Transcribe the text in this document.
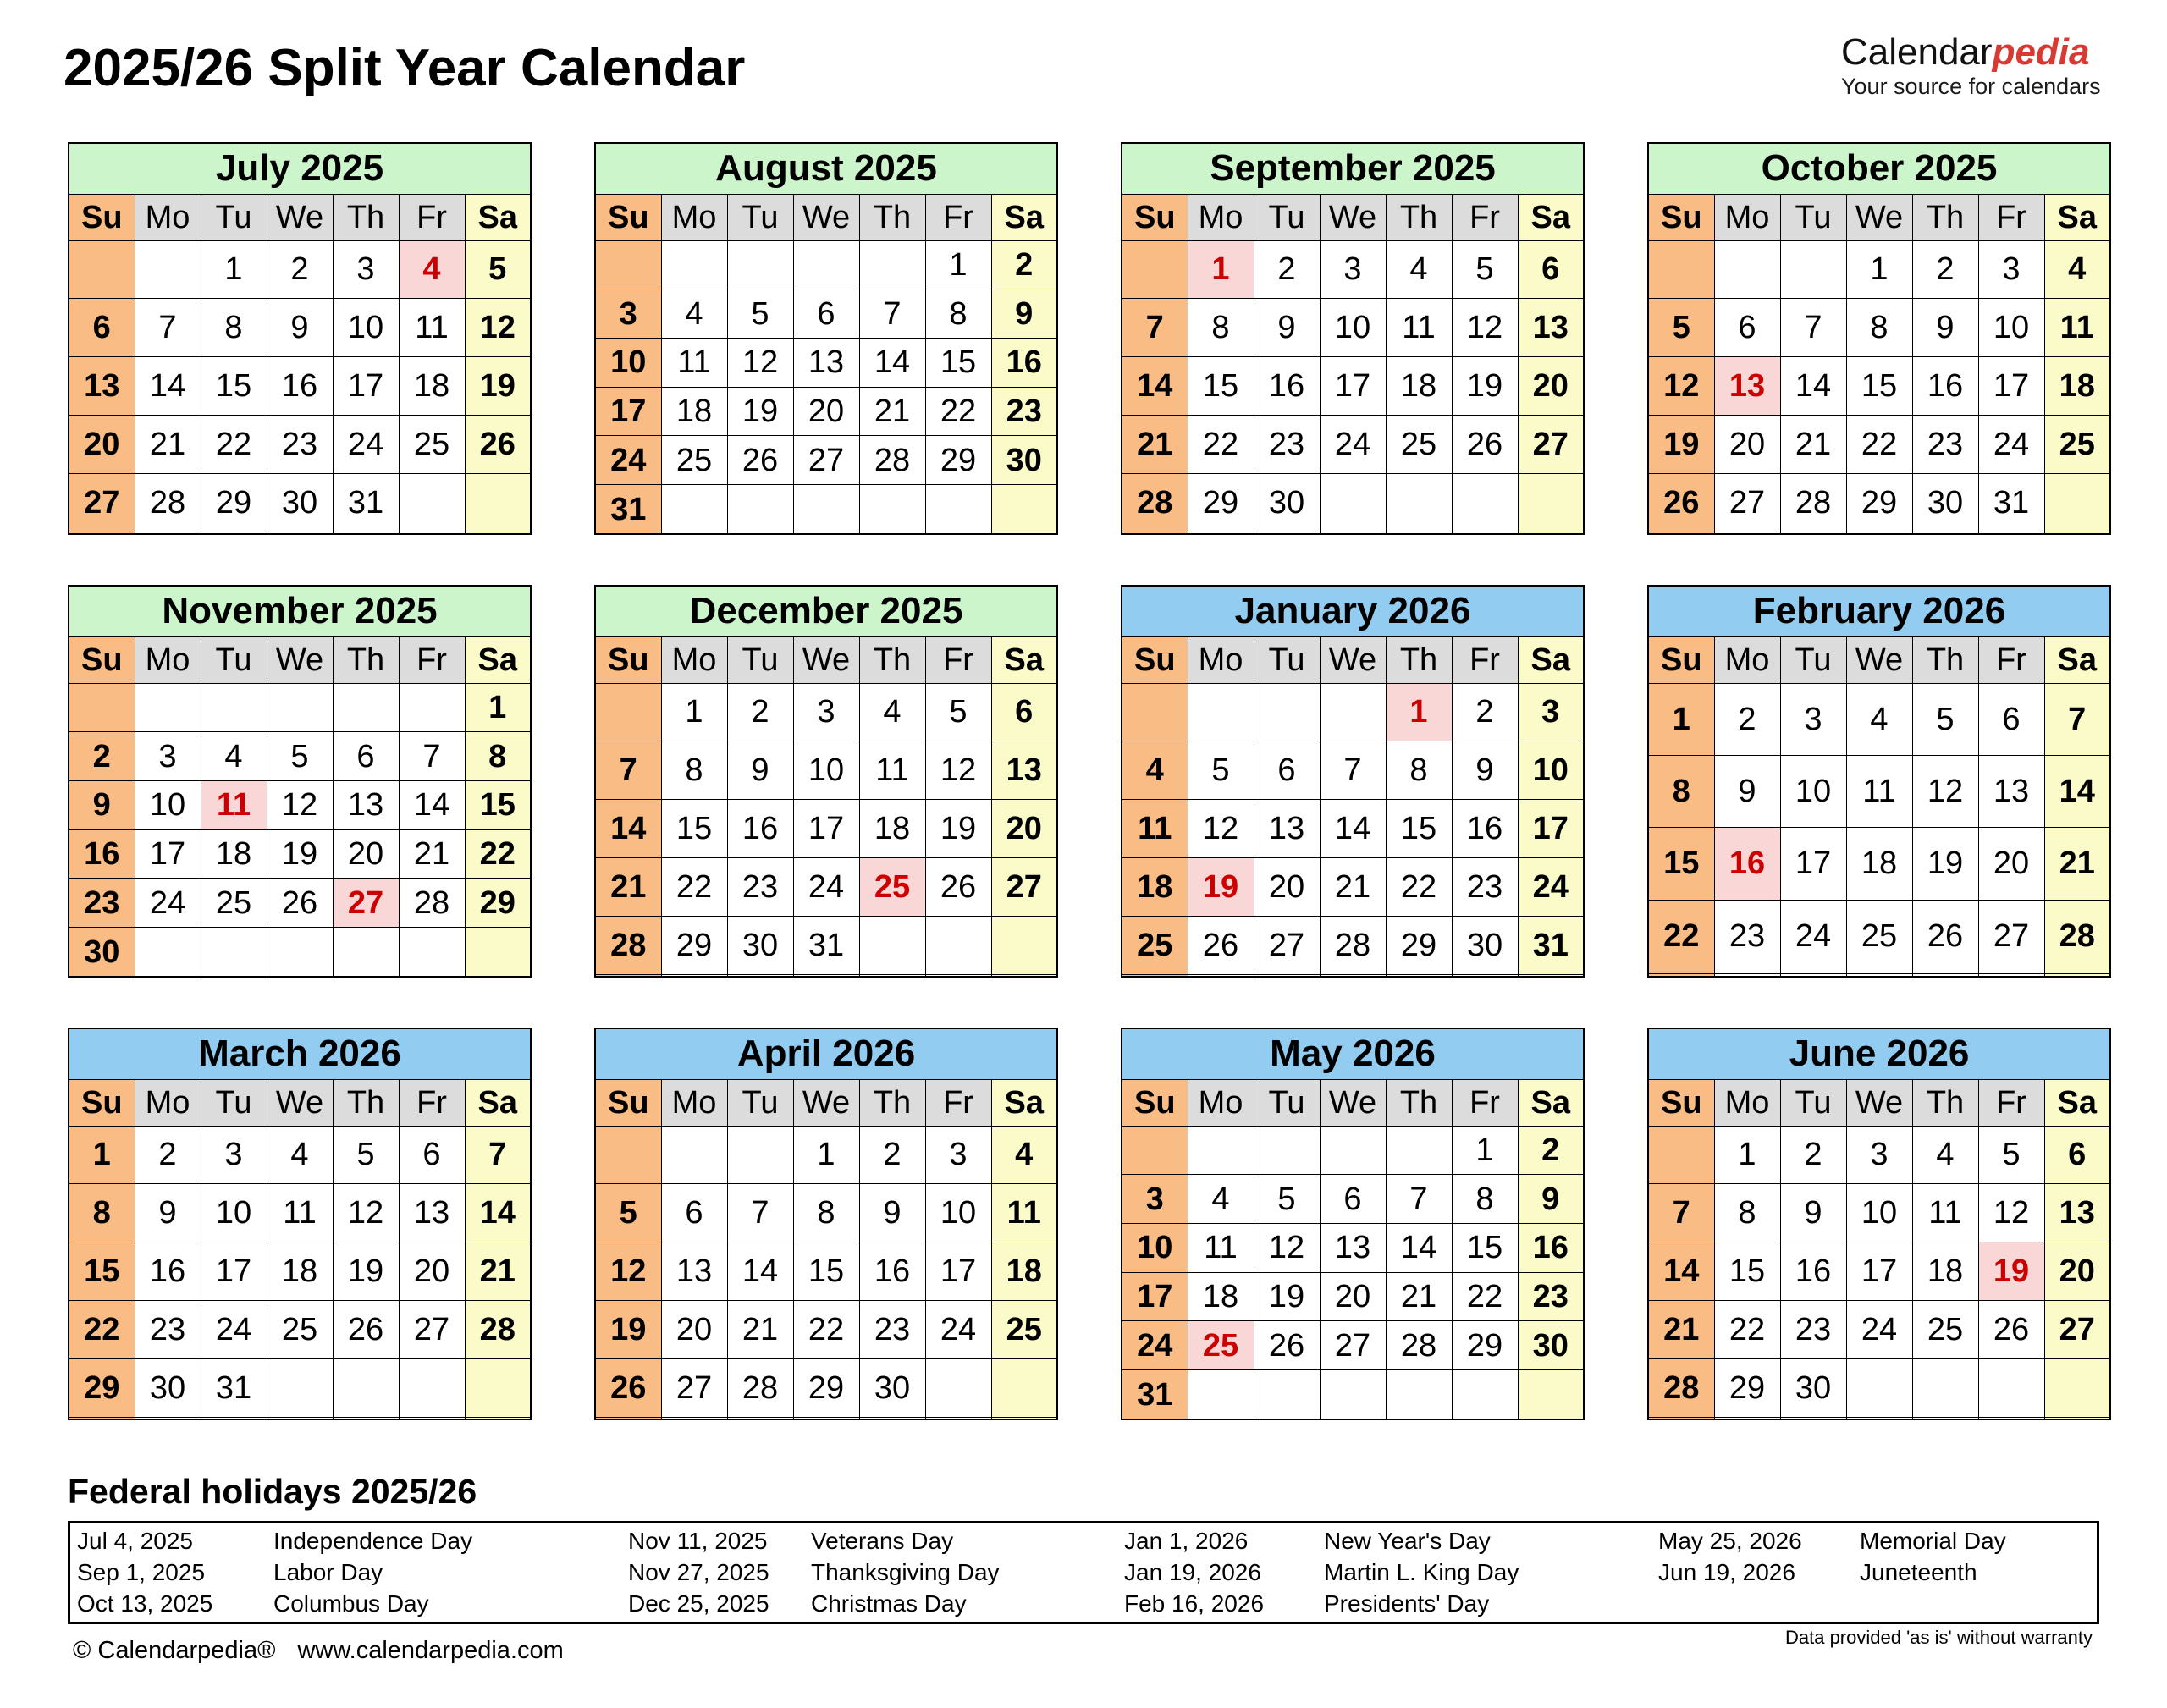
2025/26 Split Year Calendar	Calendarpedia
Your source for calendars
July 2025						
Su	Mo	Tu	We	Th	Fr	Sa
		1	2	3	4	5
6	7	8	9	10	11	12
13	14	15	16	17	18	19
20	21	22	23	24	25	26
27	28	29	30	31		

August 2025						
Su	Mo	Tu	We	Th	Fr	Sa
					1	2
3	4	5	6	7	8	9
10	11	12	13	14	15	16
17	18	19	20	21	22	23
24	25	26	27	28	29	30
31						
September 2025						
Su	Mo	Tu	We	Th	Fr	Sa
	1	2	3	4	5	6
7	8	9	10	11	12	13
14	15	16	17	18	19	20
21	22	23	24	25	26	27
28	29	30				

October 2025						
Su	Mo	Tu	We	Th	Fr	Sa
			1	2	3	4
5	6	7	8	9	10	11
12	13	14	15	16	17	18
19	20	21	22	23	24	25
26	27	28	29	30	31	

November 2025						
Su	Mo	Tu	We	Th	Fr	Sa
						1
2	3	4	5	6	7	8
9	10	11	12	13	14	15
16	17	18	19	20	21	22
23	24	25	26	27	28	29
30						
December 2025						
Su	Mo	Tu	We	Th	Fr	Sa
	1	2	3	4	5	6
7	8	9	10	11	12	13
14	15	16	17	18	19	20
21	22	23	24	25	26	27
28	29	30	31			

January 2026						
Su	Mo	Tu	We	Th	Fr	Sa
				1	2	3
4	5	6	7	8	9	10
11	12	13	14	15	16	17
18	19	20	21	22	23	24
25	26	27	28	29	30	31

February 2026						
Su	Mo	Tu	We	Th	Fr	Sa
1	2	3	4	5	6	7
8	9	10	11	12	13	14
15	16	17	18	19	20	21
22	23	24	25	26	27	28

March 2026						
Su	Mo	Tu	We	Th	Fr	Sa
1	2	3	4	5	6	7
8	9	10	11	12	13	14
15	16	17	18	19	20	21
22	23	24	25	26	27	28
29	30	31				

April 2026						
Su	Mo	Tu	We	Th	Fr	Sa
			1	2	3	4
5	6	7	8	9	10	11
12	13	14	15	16	17	18
19	20	21	22	23	24	25
26	27	28	29	30		

May 2026						
Su	Mo	Tu	We	Th	Fr	Sa
					1	2
3	4	5	6	7	8	9
10	11	12	13	14	15	16
17	18	19	20	21	22	23
24	25	26	27	28	29	30
31						
June 2026						
Su	Mo	Tu	We	Th	Fr	Sa
	1	2	3	4	5	6
7	8	9	10	11	12	13
14	15	16	17	18	19	20
21	22	23	24	25	26	27
28	29	30				

Federal holidays 2025/26
Jul 4, 2025	Independence Day	Nov 11, 2025	Veterans Day	Jan 1, 2026	New Year's Day	May 25, 2026	Memorial Day
Sep 1, 2025	Labor Day	Nov 27, 2025	Thanksgiving Day	Jan 19, 2026	Martin L. King Day	Jun 19, 2026	Juneteenth
Oct 13, 2025	Columbus Day	Dec 25, 2025	Christmas Day	Feb 16, 2026	Presidents' Day
© Calendarpedia® www.calendarpedia.com	Data provided 'as is' without warranty
